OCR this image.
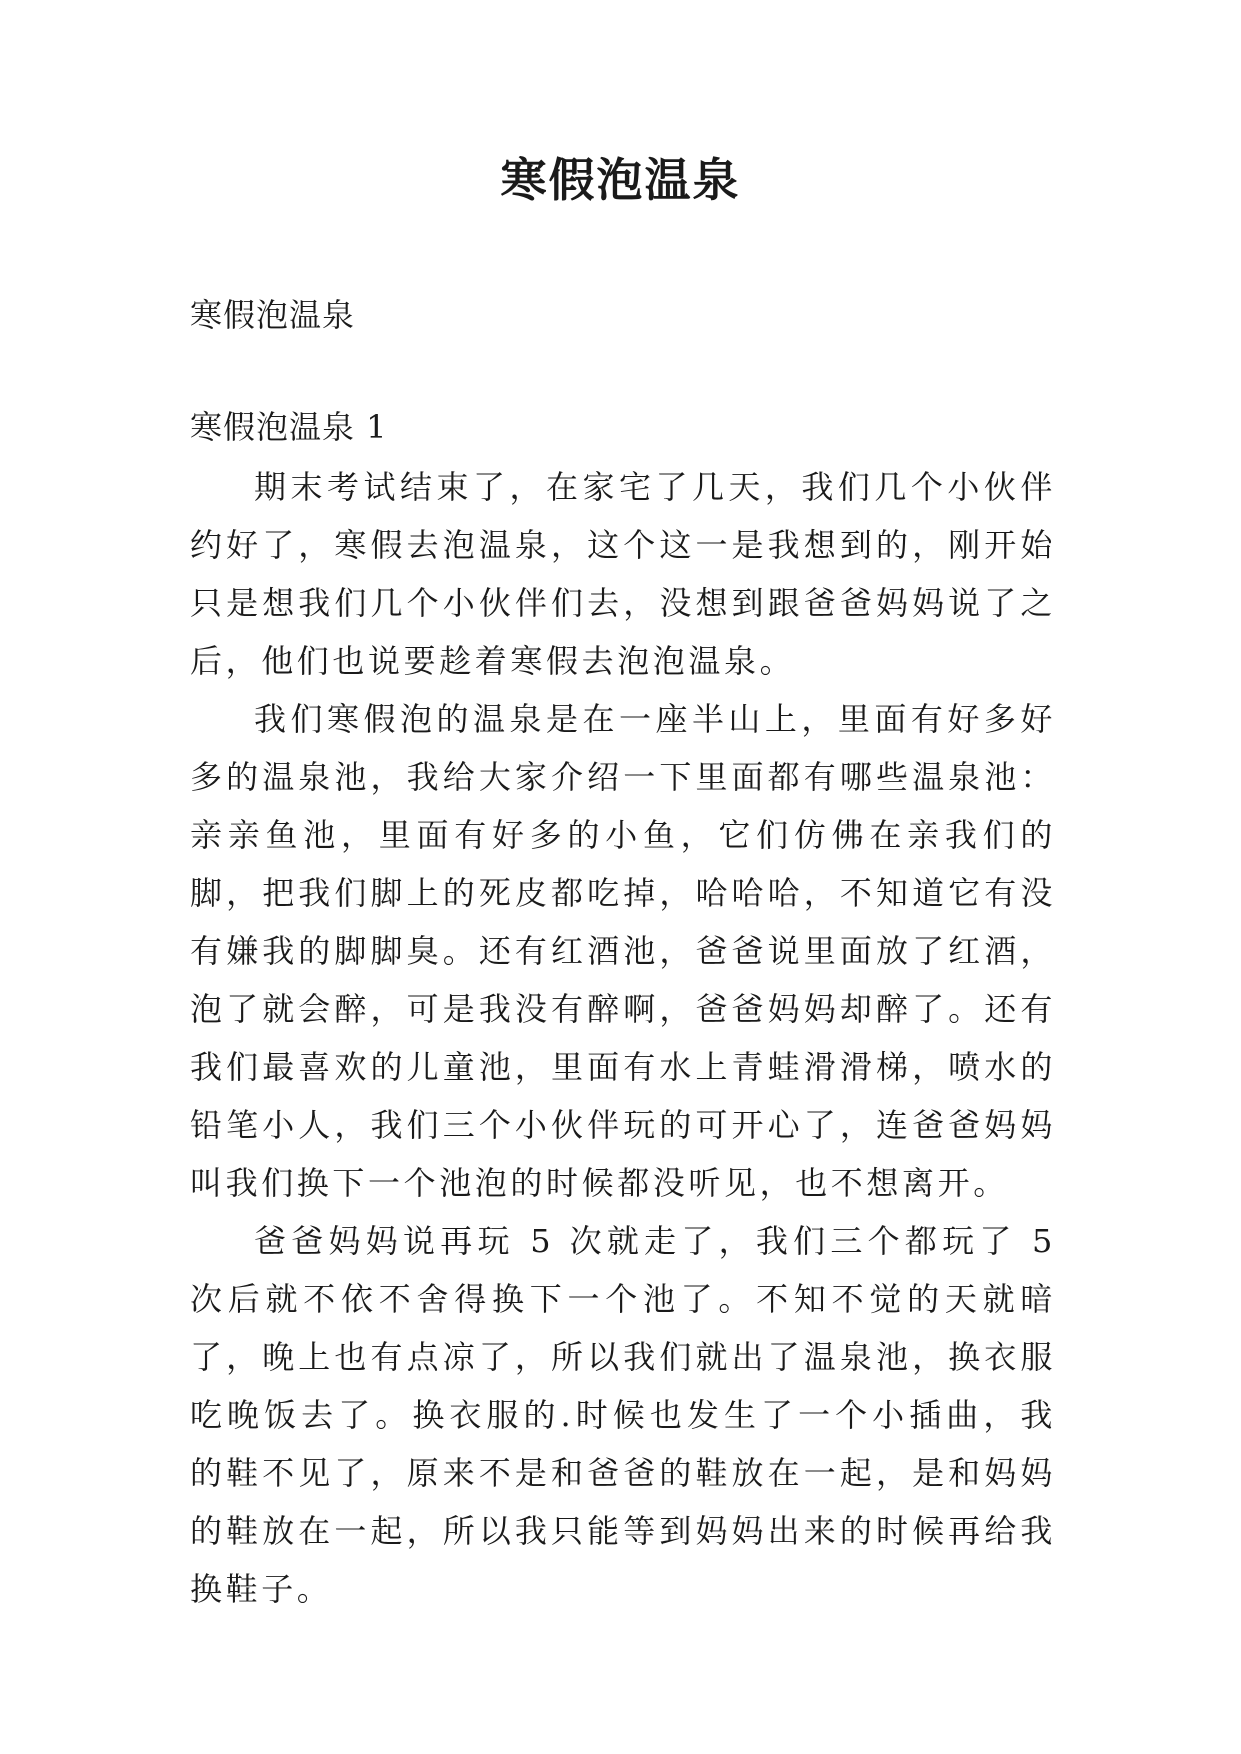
寒假泡温泉

寒假泡温泉

寒假泡温泉 1

期末考试结束了，在家宅了几天，我们几个小伙伴约好了，寒假去泡温泉，这个这一是我想到的，刚开始只是想我们几个小伙伴们去，没想到跟爸爸妈妈说了之后，他们也说要趁着寒假去泡泡温泉。

我们寒假泡的温泉是在一座半山上，里面有好多好多的温泉池，我给大家介绍一下里面都有哪些温泉池：亲亲鱼池，里面有好多的小鱼，它们仿佛在亲我们的脚，把我们脚上的死皮都吃掉，哈哈哈，不知道它有没有嫌我的脚脚臭。还有红酒池，爸爸说里面放了红酒，泡了就会醉，可是我没有醉啊，爸爸妈妈却醉了。还有我们最喜欢的儿童池，里面有水上青蛙滑滑梯，喷水的铅笔小人，我们三个小伙伴玩的可开心了，连爸爸妈妈叫我们换下一个池泡的时候都没听见，也不想离开。

爸爸妈妈说再玩 5 次就走了，我们三个都玩了 5 次后就不依不舍得换下一个池了。不知不觉的天就暗了，晚上也有点凉了，所以我们就出了温泉池，换衣服吃晚饭去了。换衣服的.时候也发生了一个小插曲，我的鞋不见了，原来不是和爸爸的鞋放在一起，是和妈妈的鞋放在一起，所以我只能等到妈妈出来的时候再给我换鞋子。
